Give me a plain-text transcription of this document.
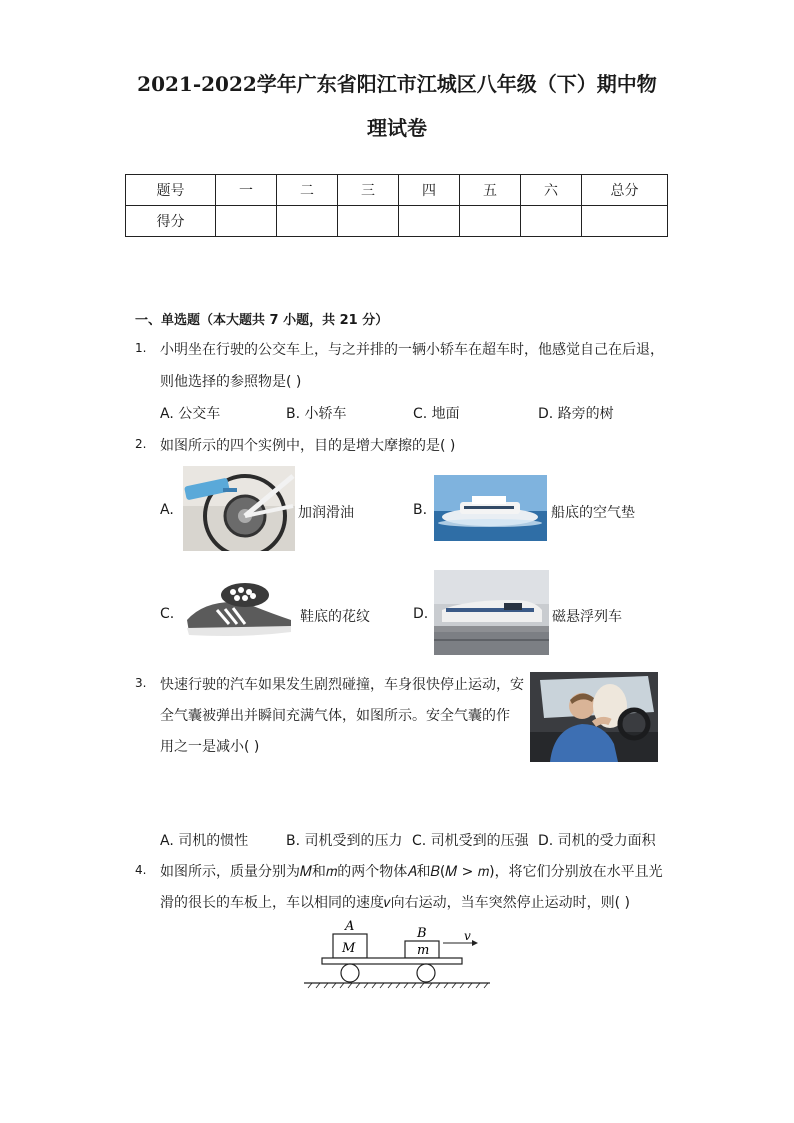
2021-2022学年广东省阳江市江城区八年级（下）期中物
理试卷
题号	一	二	三	四	五	六	总分
得分							
一、单选题（本大题共 7 小题，共 21 分）
1. 小明坐在行驶的公交车上，与之并排的一辆小轿车在超车时，他感觉自己在后退，
则他选择的参照物是( )
A. 公交车	B. 小轿车	C. 地面	D. 路旁的树
2. 如图所示的四个实例中，目的是增大摩擦的是( )
A.	加润滑油	B.	船底的空气垫
C.	鞋底的花纹	D.	磁悬浮列车
3. 快速行驶的汽车如果发生剧烈碰撞，车身很快停止运动，安
全气囊被弹出并瞬间充满气体，如图所示。安全气囊的作
用之一是减小( )
A. 司机的惯性	B. 司机受到的压力 C. 司机受到的压强 D. 司机的受力面积
4. 如图所示，质量分别为𝑀和𝑚的两个物体𝐴和𝐵(𝑀 > 𝑚)，将它们分别放在水平且光
滑的很长的车板上，车以相同的速度𝑣向右运动，当车突然停止运动时，则( )
A
M
B
m
v
